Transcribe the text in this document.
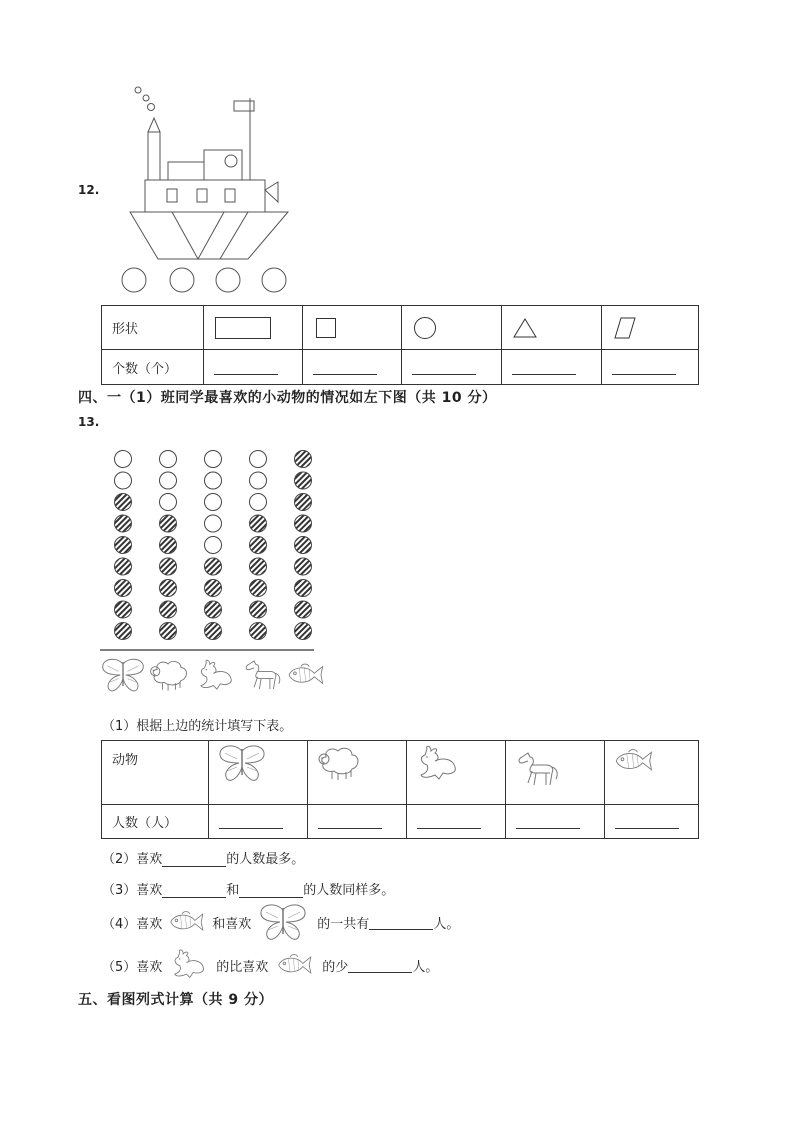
12.
形状	

个数（个）					
四、一（1）班同学最喜欢的小动物的情况如左下图（共 10 分）
13.
（1）根据上边的统计填写下表。
动物	

人数（人）					
（2）喜欢	的人数最多。
（3）喜欢	和	的人数同样多。
（4）喜欢	和喜欢	的一共有	人。
（5）喜欢	的比喜欢	的少	人。
五、看图列式计算（共 9 分）
